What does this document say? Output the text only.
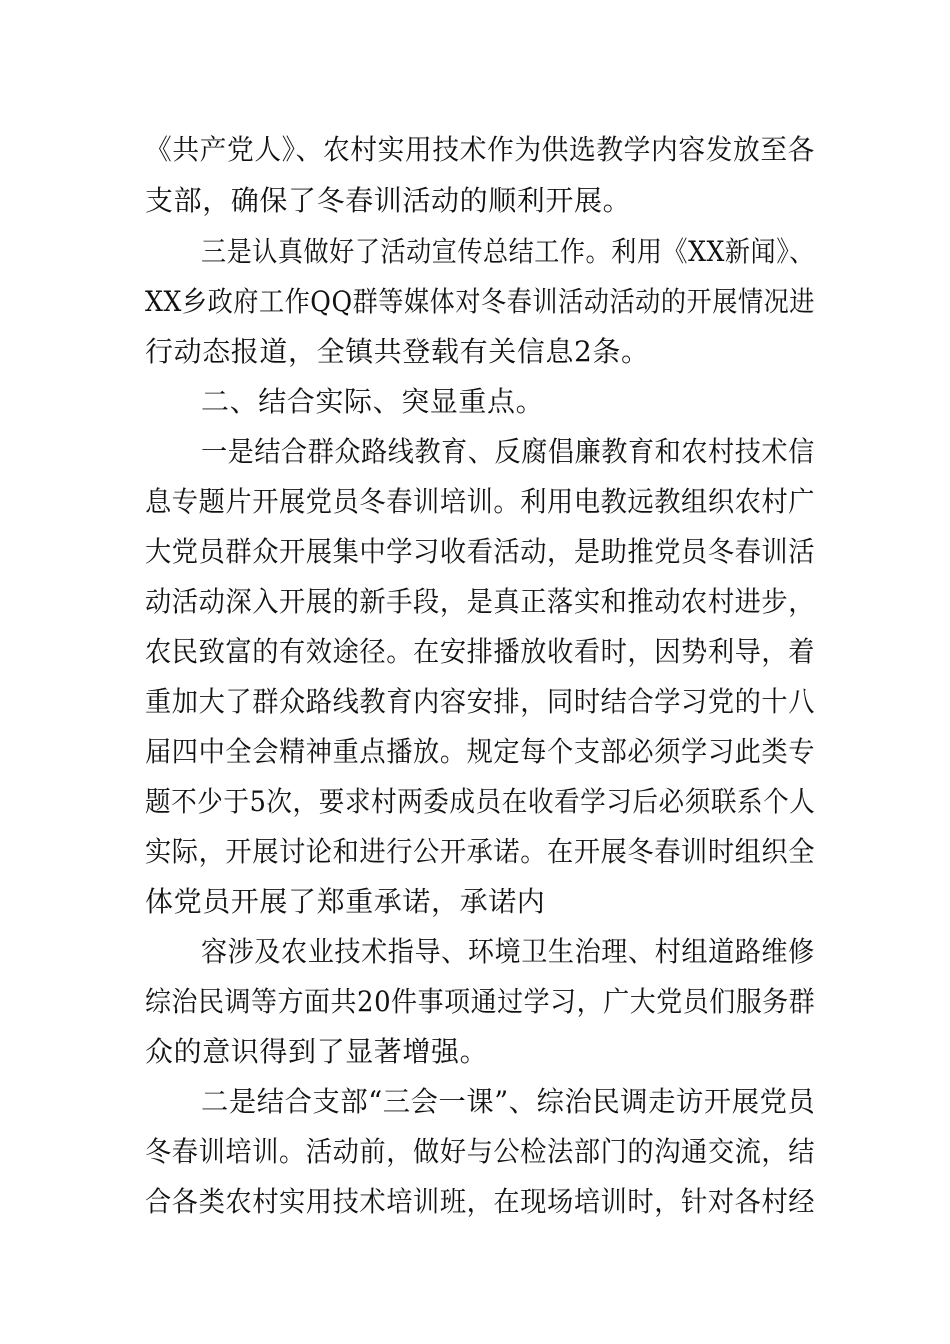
《共产党人》、农村实用技术作为供选教学内容发放至各
支部，确保了冬春训活动的顺利开展。
三是认真做好了活动宣传总结工作。利用《XX新闻》、
XX乡政府工作QQ群等媒体对冬春训活动活动的开展情况进
行动态报道，全镇共登载有关信息2条。
二、结合实际、突显重点。
一是结合群众路线教育、反腐倡廉教育和农村技术信
息专题片开展党员冬春训培训。利用电教远教组织农村广
大党员群众开展集中学习收看活动，是助推党员冬春训活
动活动深入开展的新手段，是真正落实和推动农村进步，
农民致富的有效途径。在安排播放收看时，因势利导，着
重加大了群众路线教育内容安排，同时结合学习党的十八
届四中全会精神重点播放。规定每个支部必须学习此类专
题不少于5次，要求村两委成员在收看学习后必须联系个人
实际，开展讨论和进行公开承诺。在开展冬春训时组织全
体党员开展了郑重承诺，承诺内
容涉及农业技术指导、环境卫生治理、村组道路维修
综治民调等方面共20件事项通过学习，广大党员们服务群
众的意识得到了显著增强。
二是结合支部“三会一课”、综治民调走访开展党员
冬春训培训。活动前，做好与公检法部门的沟通交流，结
合各类农村实用技术培训班，在现场培训时，针对各村经
